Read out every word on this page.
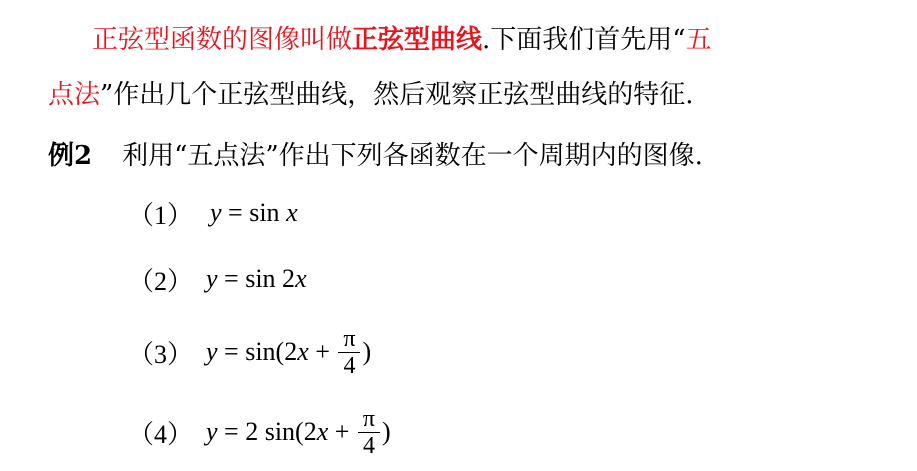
正弦型函数的图像叫做正弦型曲线.下面我们首先用“五
点法”作出几个正弦型曲线，然后观察正弦型曲线的特征.
例2 利用“五点法”作出下列各函数在一个周期内的图像.
（1） y = sin x
（2） y = sin 2 x
（3） y = sin(2 $x + \frac{\pi}{4}$ )
（4） y = 2 sin(2 $x + \frac{\pi}{4}$ )
